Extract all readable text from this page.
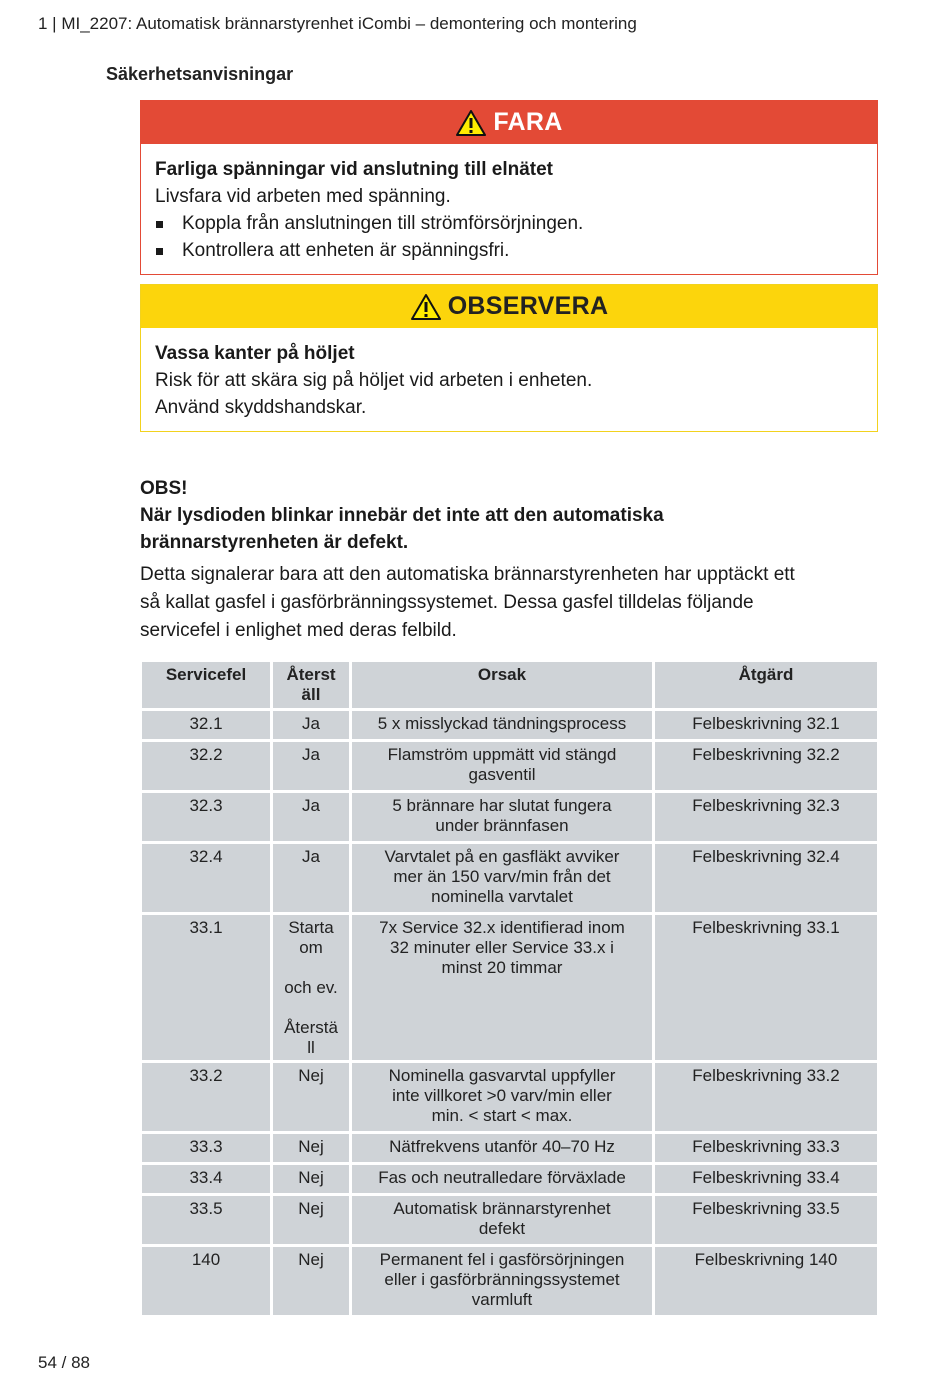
1 | MI_2207: Automatisk brännarstyrenhet iCombi – demontering och montering
Säkerhetsanvisningar
FARA
Farliga spänningar vid anslutning till elnätet
Livsfara vid arbeten med spänning.
Koppla från anslutningen till strömförsörjningen.
Kontrollera att enheten är spänningsfri.
OBSERVERA
Vassa kanter på höljet
Risk för att skära sig på höljet vid arbeten i enheten.
Använd skyddshandskar.
OBS!
När lysdioden blinkar innebär det inte att den automatiska
brännarstyrenheten är defekt.
Detta signalerar bara att den automatiska brännarstyrenheten har upptäckt ett
så kallat gasfel i gasförbränningssystemet. Dessa gasfel tilldelas följande
servicefel i enlighet med deras felbild.
Servicefel	Återst
äll	Orsak	Åtgärd
32.1	Ja	5 x misslyckad tändningsprocess	Felbeskrivning 32.1
32.2	Ja	Flamström uppmätt vid stängd
gasventil	Felbeskrivning 32.2
32.3	Ja	5 brännare har slutat fungera
under brännfasen	Felbeskrivning 32.3
32.4	Ja	Varvtalet på en gasfläkt avviker
mer än 150 varv/min från det
nominella varvtalet	Felbeskrivning 32.4
33.1	Starta
om

och ev.

Återstä
ll	7x Service 32.x identifierad inom
32 minuter eller Service 33.x i
minst 20 timmar	Felbeskrivning 33.1
33.2	Nej	Nominella gasvarvtal uppfyller
inte villkoret >0 varv/min eller
min. < start < max.	Felbeskrivning 33.2
33.3	Nej	Nätfrekvens utanför 40–70 Hz	Felbeskrivning 33.3
33.4	Nej	Fas och neutralledare förväxlade	Felbeskrivning 33.4
33.5	Nej	Automatisk brännarstyrenhet
defekt	Felbeskrivning 33.5
140	Nej	Permanent fel i gasförsörjningen
eller i gasförbränningssystemet
varmluft	Felbeskrivning 140
54 / 88
